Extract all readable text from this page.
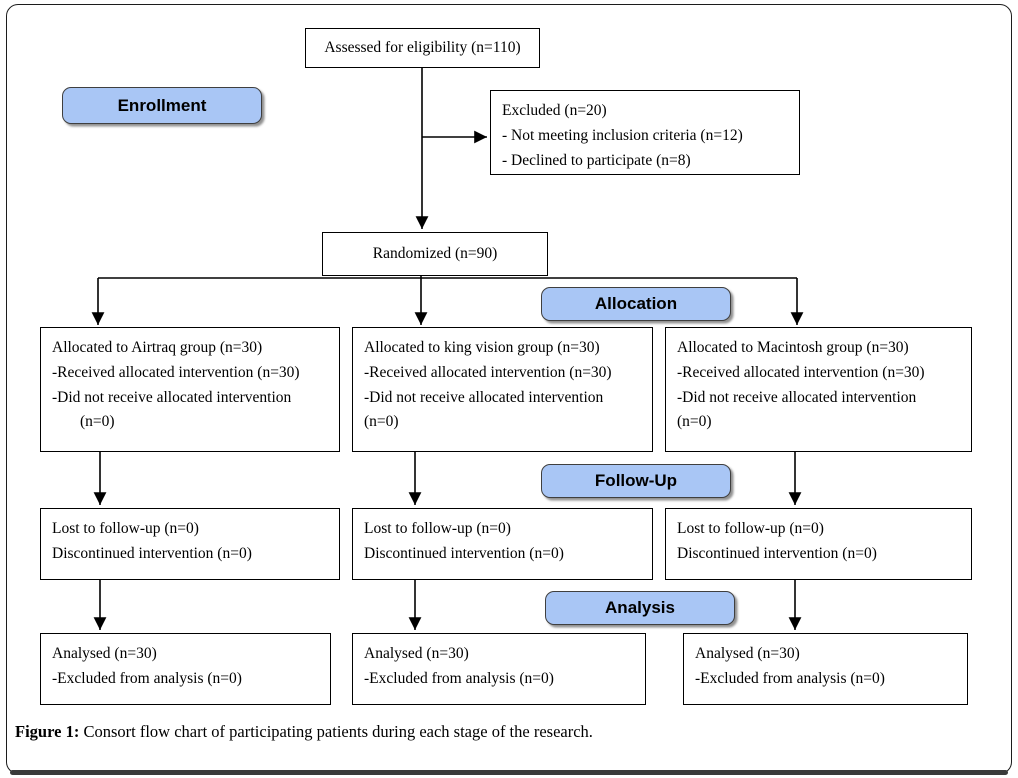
Assessed for eligibility (n=110)
Enrollment	Excluded (n=20)
- Not meeting inclusion criteria (n=12)
- Declined to participate (n=8)
Randomized (n=90)
Allocation
Allocated to Airtraq group (n=30)
-Received allocated intervention (n=30)
-Did not receive allocated intervention
(n=0)
Allocated to king vision group (n=30)
-Received allocated intervention (n=30)
-Did not receive allocated intervention
(n=0)
Allocated to Macintosh group (n=30)
-Received allocated intervention (n=30)
-Did not receive allocated intervention
(n=0)
Follow-Up
Lost to follow-up (n=0)
Discontinued intervention (n=0)
Lost to follow-up (n=0)
Discontinued intervention (n=0)
Lost to follow-up (n=0)
Discontinued intervention (n=0)
Analysis
Analysed (n=30)
-Excluded from analysis (n=0)
Analysed (n=30)
-Excluded from analysis (n=0)
Analysed (n=30)
-Excluded from analysis (n=0)
Figure 1: Consort flow chart of participating patients during each stage of the research.
